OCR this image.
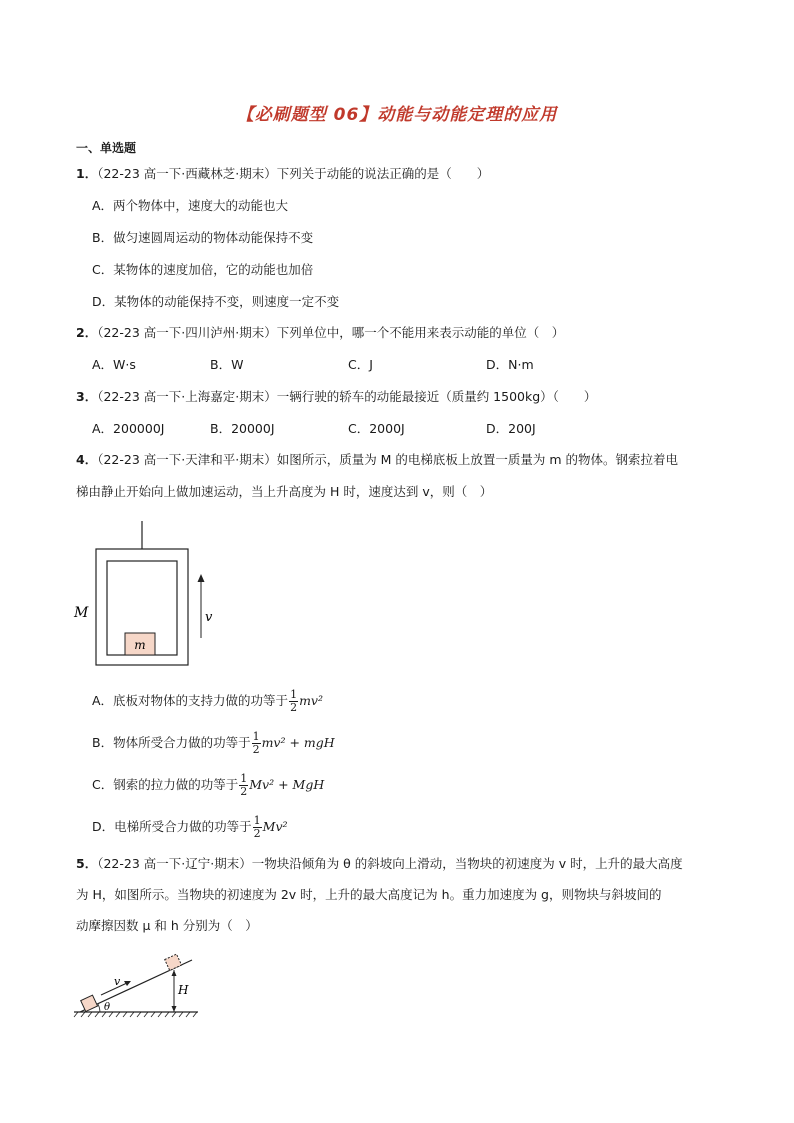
【必刷题型 06】动能与动能定理的应用
一、单选题
1．（22-23 高一下·西藏林芝·期末）下列关于动能的说法正确的是（　　）
A．两个物体中，速度大的动能也大
B．做匀速圆周运动的物体动能保持不变
C．某物体的速度加倍，它的动能也加倍
D．某物体的动能保持不变，则速度一定不变
2．（22-23 高一下·四川泸州·期末）下列单位中，哪一个不能用来表示动能的单位（　）
A．W·s	B．W	C．J	D．N·m
3．（22-23 高一下·上海嘉定·期末）一辆行驶的轿车的动能最接近（质量约 1500kg）（　　）
A．200000J	B．20000J	C．2000J	D．200J
4．（22-23 高一下·天津和平·期末）如图所示，质量为 M 的电梯底板上放置一质量为 m 的物体。钢索拉着电
梯由静止开始向上做加速运动，当上升高度为 H 时，速度达到 v，则（　）
m
M	v
A．底板对物体的支持力做的功等于 $\frac{1}{2} mv^2$
B．物体所受合力做的功等于 $\frac{1}{2} mv^2$ + mgH
C．钢索的拉力做的功等于 $\frac{1}{2} Mv^2$ + MgH
D．电梯所受合力做的功等于 $\frac{1}{2} Mv^2$
5．（22-23 高一下·辽宁·期末）一物块沿倾角为 θ 的斜坡向上滑动，当物块的初速度为 v 时，上升的最大高度
为 H，如图所示。当物块的初速度为 2v 时，上升的最大高度记为 h。重力加速度为 g，则物块与斜坡间的
动摩擦因数 μ 和 h 分别为（　）
v
θ
H
